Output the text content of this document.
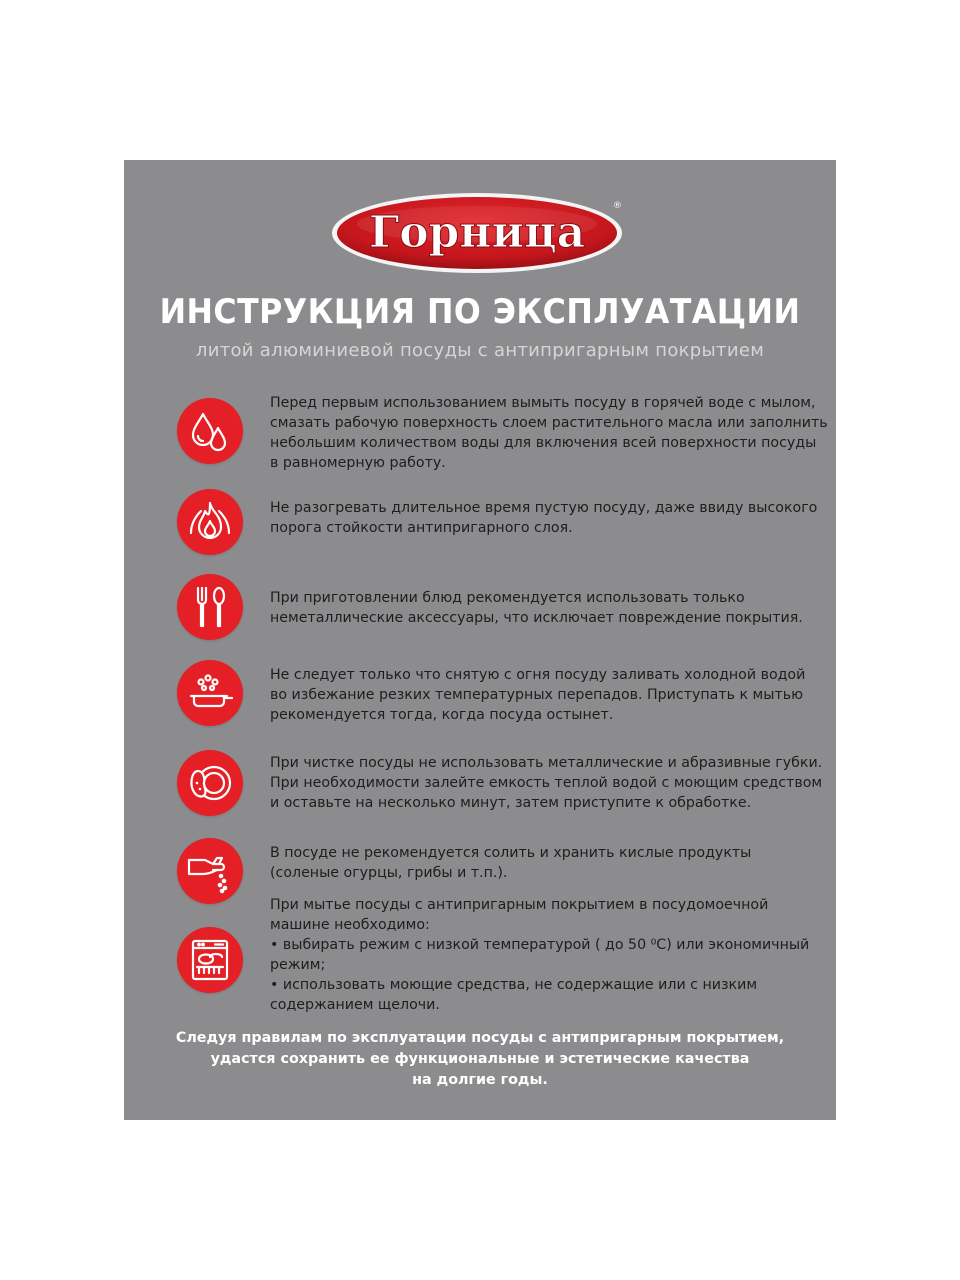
Горница
®
ИНСТРУКЦИЯ ПО ЭКСПЛУАТАЦИИ
литой алюминиевой посуды с антипригарным покрытием
Перед первым использованием вымыть посуду в горячей воде с мылом,
смазать рабочую поверхность слоем растительного масла или заполнить
небольшим количеством воды для включения всей поверхности посуды
в равномерную работу.
Не разогревать длительное время пустую посуду, даже ввиду высокого
порога стойкости антипригарного слоя.
При приготовлении блюд рекомендуется использовать только
неметаллические аксессуары, что исключает повреждение покрытия.
Не следует только что снятую с огня посуду заливать холодной водой
во избежание резких температурных перепадов. Приступать к мытью
рекомендуется тогда, когда посуда остынет.
При чистке посуды не использовать металлические и абразивные губки.
При необходимости залейте емкость теплой водой с моющим средством
и оставьте на несколько минут, затем приступите к обработке.
В посуде не рекомендуется солить и хранить кислые продукты
(соленые огурцы, грибы и т.п.).
При мытье посуды с антипригарным покрытием в посудомоечной
машине необходимо:
• выбирать режим с низкой температурой ( до 50 ⁰С) или экономичный
режим;
• использовать моющие средства, не содержащие или с низким
содержанием щелочи.
Следуя правилам по эксплуатации посуды с антипригарным покрытием,
удастся сохранить ее функциональные и эстетические качества
на долгие годы.
